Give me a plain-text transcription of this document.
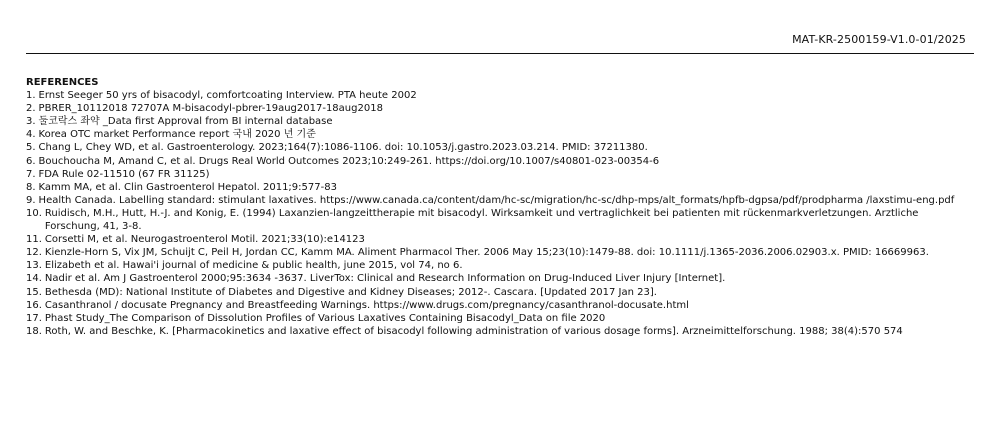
MAT-KR-2500159-V1.0-01/2025
REFERENCES
1. Ernst Seeger 50 yrs of bisacodyl, comfortcoating Interview. PTA heute 2002
2. PBRER_10112018 72707A M-bisacodyl-pbrer-19aug2017-18aug2018
3. 둘코락스 좌약 _Data first Approval from BI internal database
4. Korea OTC market Performance report 국내 2020 년 기준
5. Chang L, Chey WD, et al. Gastroenterology. 2023;164(7):1086-1106. doi: 10.1053/j.gastro.2023.03.214. PMID: 37211380.
6. Bouchoucha M, Amand C, et al. Drugs Real World Outcomes 2023;10:249-261. https://doi.org/10.1007/s40801-023-00354-6
7. FDA Rule 02-11510 (67 FR 31125)
8. Kamm MA, et al. Clin Gastroenterol Hepatol. 2011;9:577-83
9. Health Canada. Labelling standard: stimulant laxatives. https://www.canada.ca/content/dam/hc-sc/migration/hc-sc/dhp-mps/alt_formats/hpfb-dgpsa/pdf/prodpharma /laxstimu-eng.pdf
10. Ruidisch, M.H., Hutt, H.-J. and Konig, E. (1994) Laxanzien-langzeittherapie mit bisacodyl. Wirksamkeit und vertraglichkeit bei patienten mit rückenmarkverletzungen. Arztliche Forschung, 41, 3-8.
11. Corsetti M, et al. Neurogastroenterol Motil. 2021;33(10):e14123
12. Kienzle-Horn S, Vix JM, Schuijt C, Peil H, Jordan CC, Kamm MA. Aliment Pharmacol Ther. 2006 May 15;23(10):1479-88. doi: 10.1111/j.1365-2036.2006.02903.x. PMID: 16669963.
13. Elizabeth et al. Hawai'i journal of medicine & public health, june 2015, vol 74, no 6.
14. Nadir et al. Am J Gastroenterol 2000;95:3634 -3637. LiverTox: Clinical and Research Information on Drug-Induced Liver Injury [Internet].
15. Bethesda (MD): National Institute of Diabetes and Digestive and Kidney Diseases; 2012-. Cascara. [Updated 2017 Jan 23].
16. Casanthranol / docusate Pregnancy and Breastfeeding Warnings. https://www.drugs.com/pregnancy/casanthranol-docusate.html
17. Phast Study_The Comparison of Dissolution Profiles of Various Laxatives Containing Bisacodyl_Data on file 2020
18. Roth, W. and Beschke, K. [Pharmacokinetics and laxative effect of bisacodyl following administration of various dosage forms]. Arzneimittelforschung. 1988; 38(4):570 574
